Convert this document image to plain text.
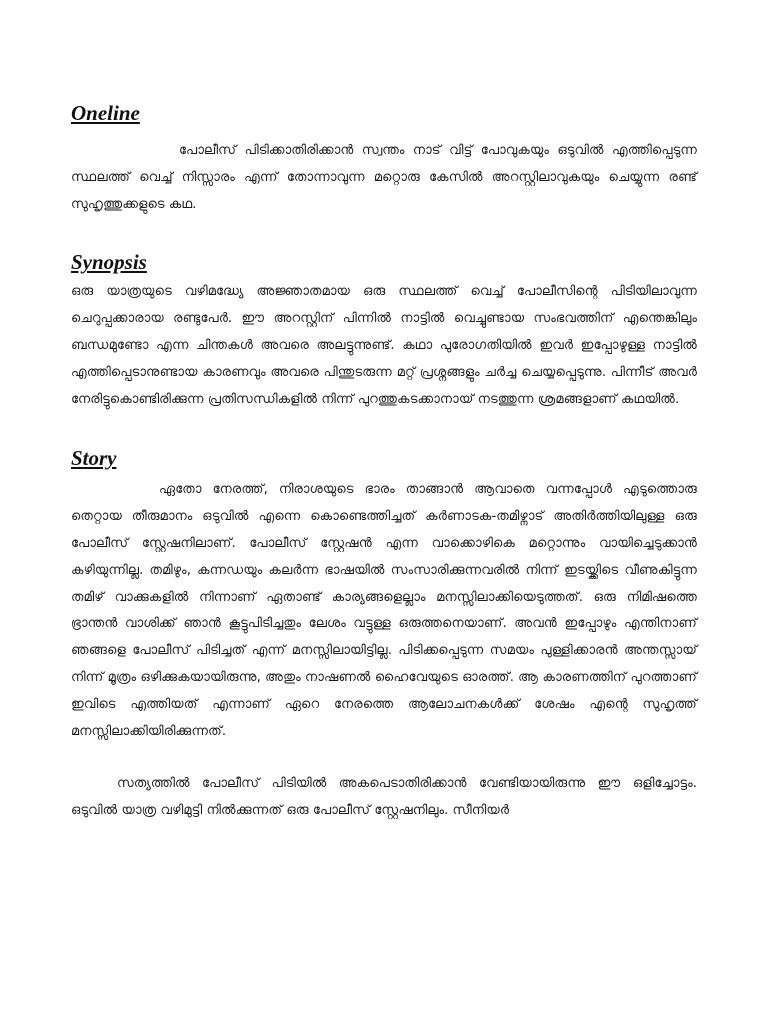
Oneline

പോലീസ് പിടിക്കാതിരിക്കാൻ സ്വന്തം നാട് വിട്ട് പോവുകയും ഒടുവിൽ എത്തിപ്പെടുന്ന സ്ഥലത്ത് വെച്ച് നിസ്സാരം എന്ന് തോന്നാവുന്ന മറ്റൊരു കേസിൽ അറസ്റ്റിലാവുകയും ചെയ്യുന്ന രണ്ട് സുഹൃത്തുക്കളുടെ കഥ.

Synopsis

ഒരു യാത്രയുടെ വഴിമദ്ധ്യേ അജ്ഞാതമായ ഒരു സ്ഥലത്ത് വെച്ച് പോലീസിന്റെ പിടിയിലാവുന്ന ചെറുപ്പക്കാരായ രണ്ടുപേർ. ഈ അറസ്റ്റിന് പിന്നിൽ നാട്ടിൽ വെച്ചുണ്ടായ സംഭവത്തിന് എന്തെങ്കിലും ബന്ധമുണ്ടോ എന്ന ചിന്തകൾ അവരെ അലട്ടുന്നുണ്ട്. കഥാ പുരോഗതിയിൽ ഇവർ ഇപ്പോഴുള്ള നാട്ടിൽ എത്തിപ്പെടാനുണ്ടായ കാരണവും അവരെ പിന്തുടരുന്ന മറ്റ് പ്രശ്നങ്ങളും ചർച്ച ചെയ്യപ്പെടുന്നു. പിന്നീട് അവർ നേരിട്ടുകൊണ്ടിരിക്കുന്ന പ്രതിസന്ധികളിൽ നിന്ന് പുറത്തുകടക്കാനായ് നടത്തുന്ന ശ്രമങ്ങളാണ് കഥയിൽ.

Story

ഏതോ നേരത്ത്, നിരാശയുടെ ഭാരം താങ്ങാൻ ആവാതെ വന്നപ്പോൾ എടുത്തൊരു തെറ്റായ തീരുമാനം ഒടുവിൽ എന്നെ കൊണ്ടെത്തിച്ചത് കർണാടക-തമിഴ്നാട് അതിർത്തിയിലുള്ള ഒരു പോലീസ് സ്റ്റേഷനിലാണ്. പോലീസ് സ്റ്റേഷൻ എന്ന വാക്കൊഴികെ മറ്റൊന്നും വായിച്ചെടുക്കാൻ കഴിയുന്നില്ല. തമിഴും, കന്നഡയും കലർന്ന ഭാഷയിൽ സംസാരിക്കുന്നവരിൽ നിന്ന് ഇടയ്ക്കിടെ വീണുകിട്ടുന്ന തമിഴ് വാക്കുകളിൽ നിന്നാണ് ഏതാണ്ട് കാര്യങ്ങളെല്ലാം മനസ്സിലാക്കിയെടുത്തത്. ഒരു നിമിഷത്തെ ഭ്രാന്തൻ വാശിക്ക് ഞാൻ കൂട്ടുപിടിച്ചതും ലേശം വട്ടുള്ള ഒരുത്തനെയാണ്. അവൻ ഇപ്പോഴും എന്തിനാണ് ഞങ്ങളെ പോലീസ് പിടിച്ചത് എന്ന് മനസ്സിലായിട്ടില്ല. പിടിക്കപ്പെടുന്ന സമയം പുള്ളിക്കാരൻ അന്തസ്സായ് നിന്ന് മൂത്രം ഒഴിക്കുകയായിരുന്നു, അതും നാഷണൽ ഹൈവേയുടെ ഓരത്ത്. ആ കാരണത്തിന് പുറത്താണ് ഇവിടെ എത്തിയത് എന്നാണ് ഏറെ നേരത്തെ ആലോചനകൾക്ക് ശേഷം എന്റെ സുഹൃത്ത് മനസ്സിലാക്കിയിരിക്കുന്നത്.

സത്യത്തിൽ പോലീസ് പിടിയിൽ അകപെടാതിരിക്കാൻ വേണ്ടിയായിരുന്നു ഈ ഒളിച്ചോട്ടം. ഒടുവിൽ യാത്ര വഴിമുട്ടി നിൽക്കുന്നത് ഒരു പോലീസ് സ്റ്റേഷനിലും. സീനിയർ
